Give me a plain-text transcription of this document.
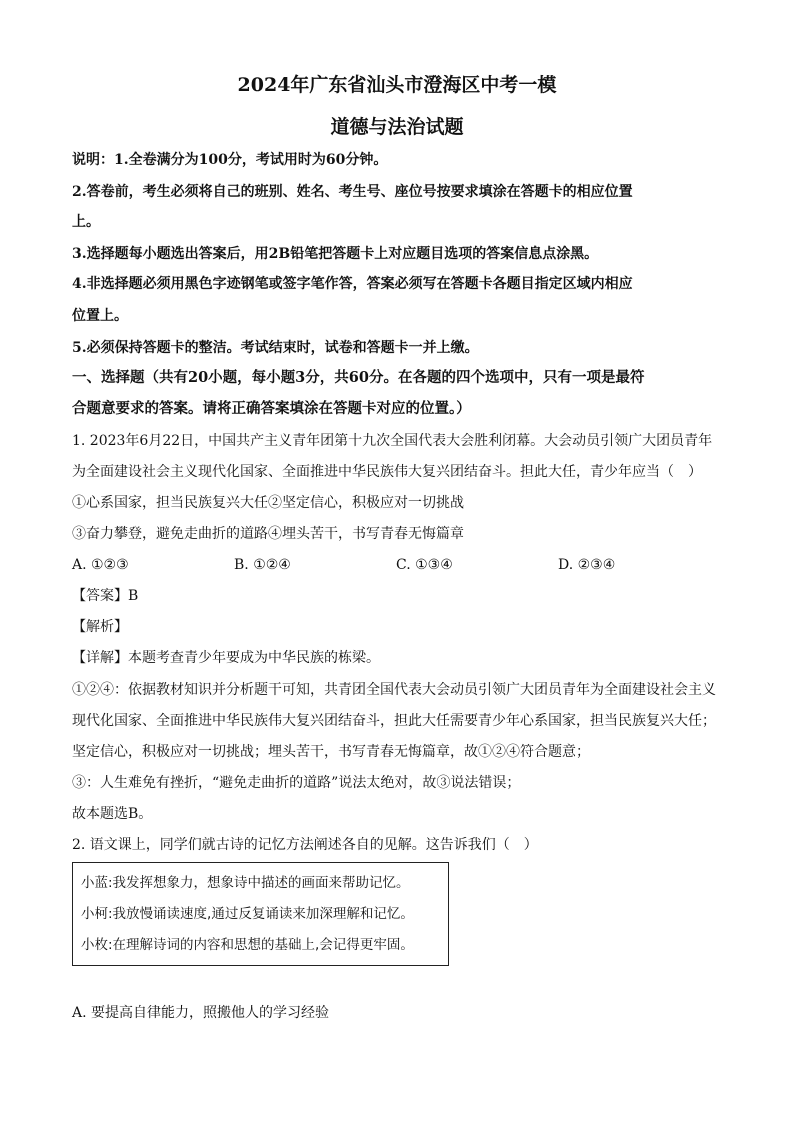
2024年广东省汕头市澄海区中考一模
道德与法治试题
说明：1.全卷满分为100分，考试用时为60分钟。
2.答卷前，考生必须将自己的班别、姓名、考生号、座位号按要求填涂在答题卡的相应位置
上。
3.选择题每小题选出答案后，用2B铅笔把答题卡上对应题目选项的答案信息点涂黑。
4.非选择题必须用黑色字迹钢笔或签字笔作答，答案必须写在答题卡各题目指定区域内相应
位置上。
5.必须保持答题卡的整洁。考试结束时，试卷和答题卡一并上缴。
一、选择题（共有20小题，每小题3分，共60分。在各题的四个选项中，只有一项是最符
合题意要求的答案。请将正确答案填涂在答题卡对应的位置。）
1. 2023年6月22日，中国共产主义青年团第十九次全国代表大会胜利闭幕。大会动员引领广大团员青年
为全面建设社会主义现代化国家、全面推进中华民族伟大复兴团结奋斗。担此大任，青少年应当（　）
①心系国家，担当民族复兴大任②坚定信心，积极应对一切挑战
③奋力攀登，避免走曲折的道路④埋头苦干，书写青春无悔篇章
A. ①②③	B. ①②④	C. ①③④	D. ②③④
【答案】B
【解析】
【详解】本题考查青少年要成为中华民族的栋梁。
①②④：依据教材知识并分析题干可知，共青团全国代表大会动员引领广大团员青年为全面建设社会主义
现代化国家、全面推进中华民族伟大复兴团结奋斗，担此大任需要青少年心系国家，担当民族复兴大任；
坚定信心，积极应对一切挑战；埋头苦干，书写青春无悔篇章，故①②④符合题意；
③：人生难免有挫折，“避免走曲折的道路”说法太绝对，故③说法错误；
故本题选B。
2. 语文课上，同学们就古诗的记忆方法阐述各自的见解。这告诉我们（　）
小蓝:我发挥想象力，想象诗中描述的画面来帮助记忆。
小柯:我放慢诵读速度,通过反复诵读来加深理解和记忆。
小枚:在理解诗词的内容和思想的基础上,会记得更牢固。
A. 要提高自律能力，照搬他人的学习经验
